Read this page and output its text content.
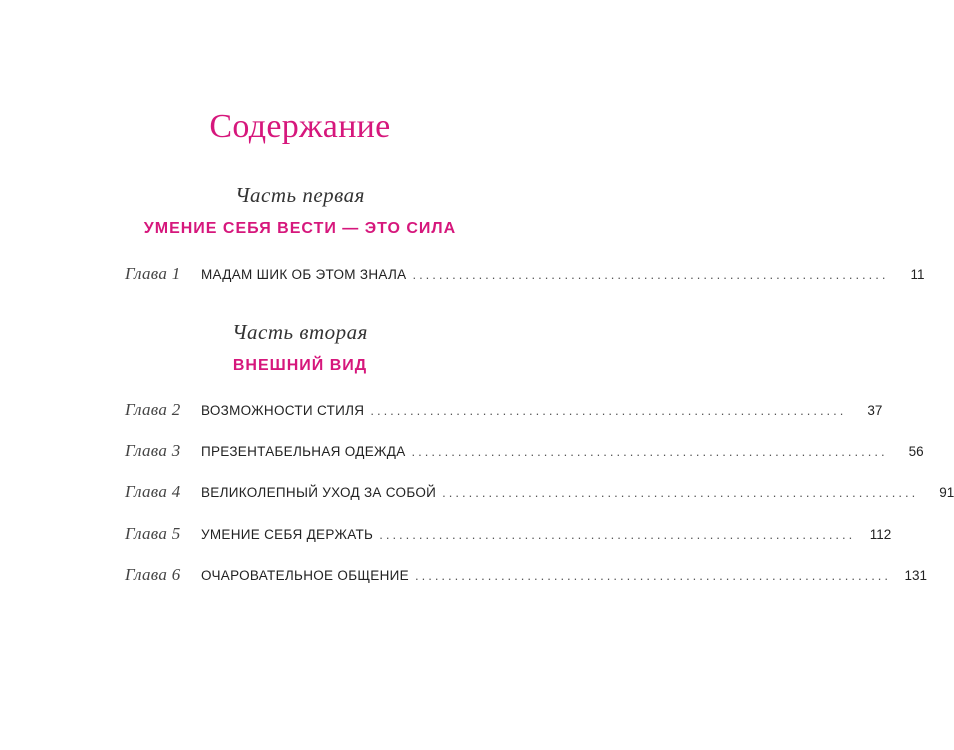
Содержание
Часть первая
УМЕНИЕ СЕБЯ ВЕСТИ — ЭТО СИЛА
Глава 1	МАДАМ ШИК ОБ ЭТОМ ЗНАЛА ........................................................................	11
Часть вторая
ВНЕШНИЙ ВИД
Глава 2	ВОЗМОЖНОСТИ СТИЛЯ ........................................................................	37
Глава 3	ПРЕЗЕНТАБЕЛЬНАЯ ОДЕЖДА ........................................................................	56
Глава 4	ВЕЛИКОЛЕПНЫЙ УХОД ЗА СОБОЙ ........................................................................	91
Глава 5	УМЕНИЕ СЕБЯ ДЕРЖАТЬ ........................................................................	112
Глава 6	ОЧАРОВАТЕЛЬНОЕ ОБЩЕНИЕ ........................................................................ 131
